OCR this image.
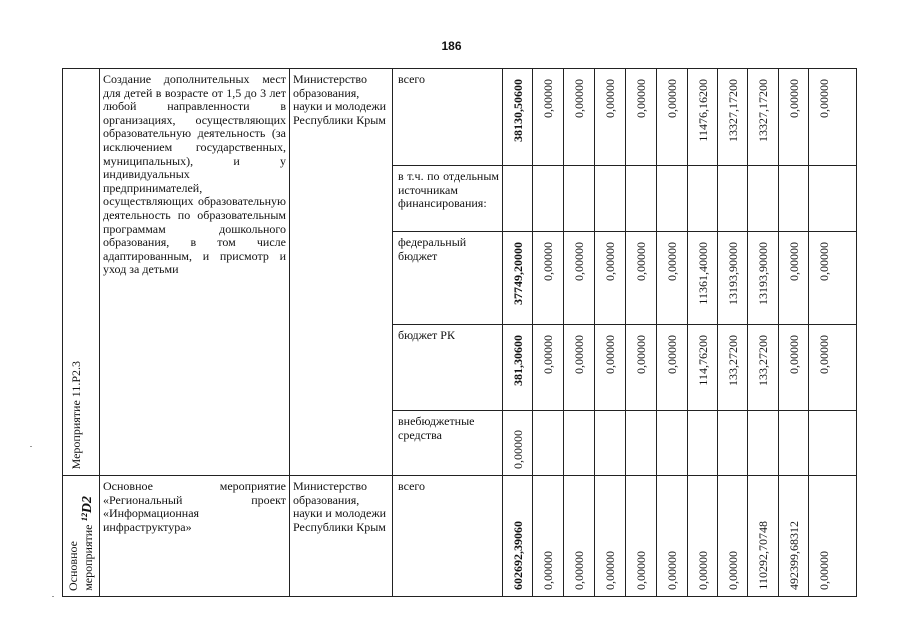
186
Мероприятие 11.Р2.3	Создание дополнительных мест для детей в возрасте от 1,5 до 3 лет любой направленности в организациях, осуществляющих образовательную деятельность (за исключением государственных, муниципальных), и у индивидуальных предпринимателей, осуществляющих образовательную деятельность по образовательным программам дошкольного образования, в том числе адаптированным, и присмотр и уход за детьми	Министерство образования, науки и молодежи Республики Крым	всего	38130,50600	0,00000	0,00000	0,00000	0,00000	0,00000	11476,16200	13327,17200	13327,17200	0,00000	0,00000

			в т.ч. по отдельным источникам финансирования:											
			федеральный бюджет	37749,20000	0,00000	0,00000	0,00000	0,00000	0,00000	11361,40000	13193,90000	13193,90000	0,00000	0,00000

			бюджет РК	381,30600	0,00000	0,00000	0,00000	0,00000	0,00000	114,76200	133,27200	133,27200	0,00000	0,00000

			внебюджетные средства	0,00000										

Основное мероприятие ¹²D2	Основное мероприятие «Региональный проект «Информационная инфраструктура»	Министерство образования, науки и молодежи Республики Крым	всего	602692,39060	0,00000	0,00000	0,00000	0,00000	0,00000	0,00000	0,00000	110292,70748	492399,68312	0,00000
